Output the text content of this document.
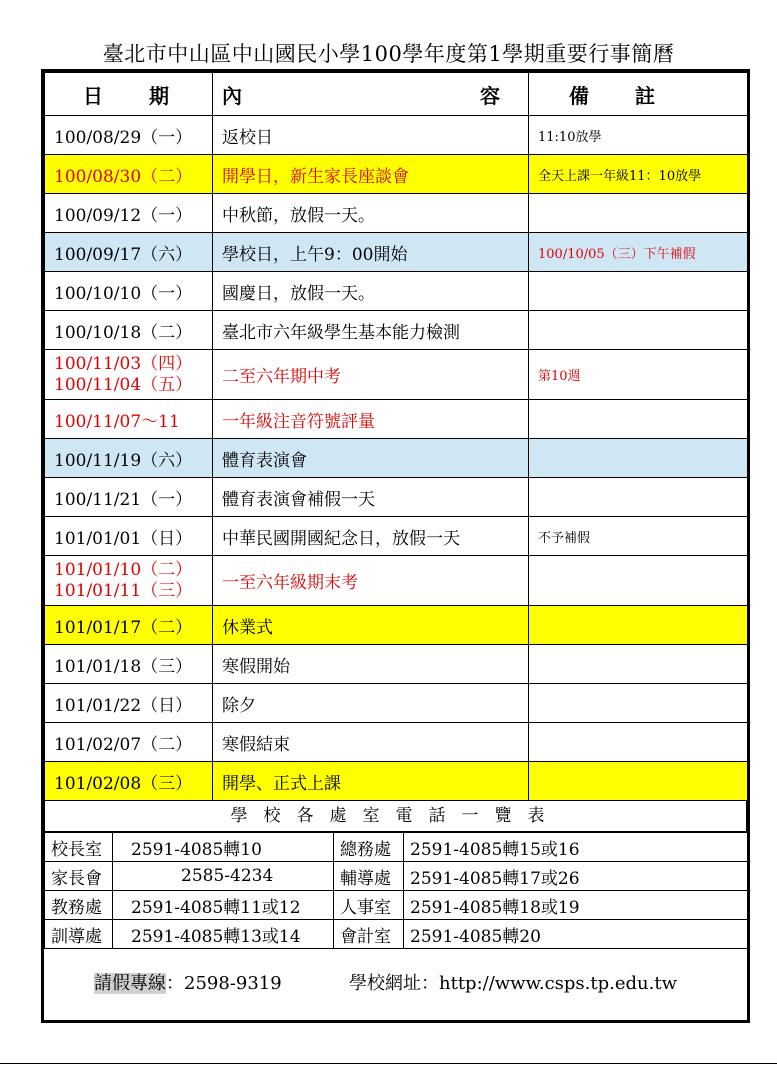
臺北市中山區中山國民小學100學年度第1學期重要行事簡曆
日　　期	內 容	備　　註

100/08/29（一）	返校日	11:10放學

100/08/30（二）	開學日，新生家長座談會	全天上課一年級11：10放學

100/09/12（一）	中秋節，放假一天。	

100/09/17（六）	學校日，上午9：00開始	100/10/05（三）下午補假

100/10/10（一）	國慶日，放假一天。	

100/10/18（二）	臺北市六年級學生基本能力檢測	

100/11/03（四）
100/11/04（五）	二至六年期中考	第10週

100/11/07～11	一年級注音符號評量	

100/11/19（六）	體育表演會	

100/11/21（一）	體育表演會補假一天	

101/01/01（日）	中華民國開國紀念日，放假一天	不予補假

101/01/10（二）
101/01/11（三）	一至六年級期末考	

101/01/17（二）	休業式	

101/01/18（三）	寒假開始	

101/01/22（日）	除夕	

101/02/07（二）	寒假結束	

101/02/08（三）	開學、正式上課	
學校各處室電話一覽表
校長室	2591-4085轉10	總務處	2591-4085轉15或16
家長會	2585-4234	輔導處	2591-4085轉17或26
教務處	2591-4085轉11或12	人事室	2591-4085轉18或19
訓導處	2591-4085轉13或14	會計室	2591-4085轉20
請假專線：2598-9319	學校網址：http://www.csps.tp.edu.tw
